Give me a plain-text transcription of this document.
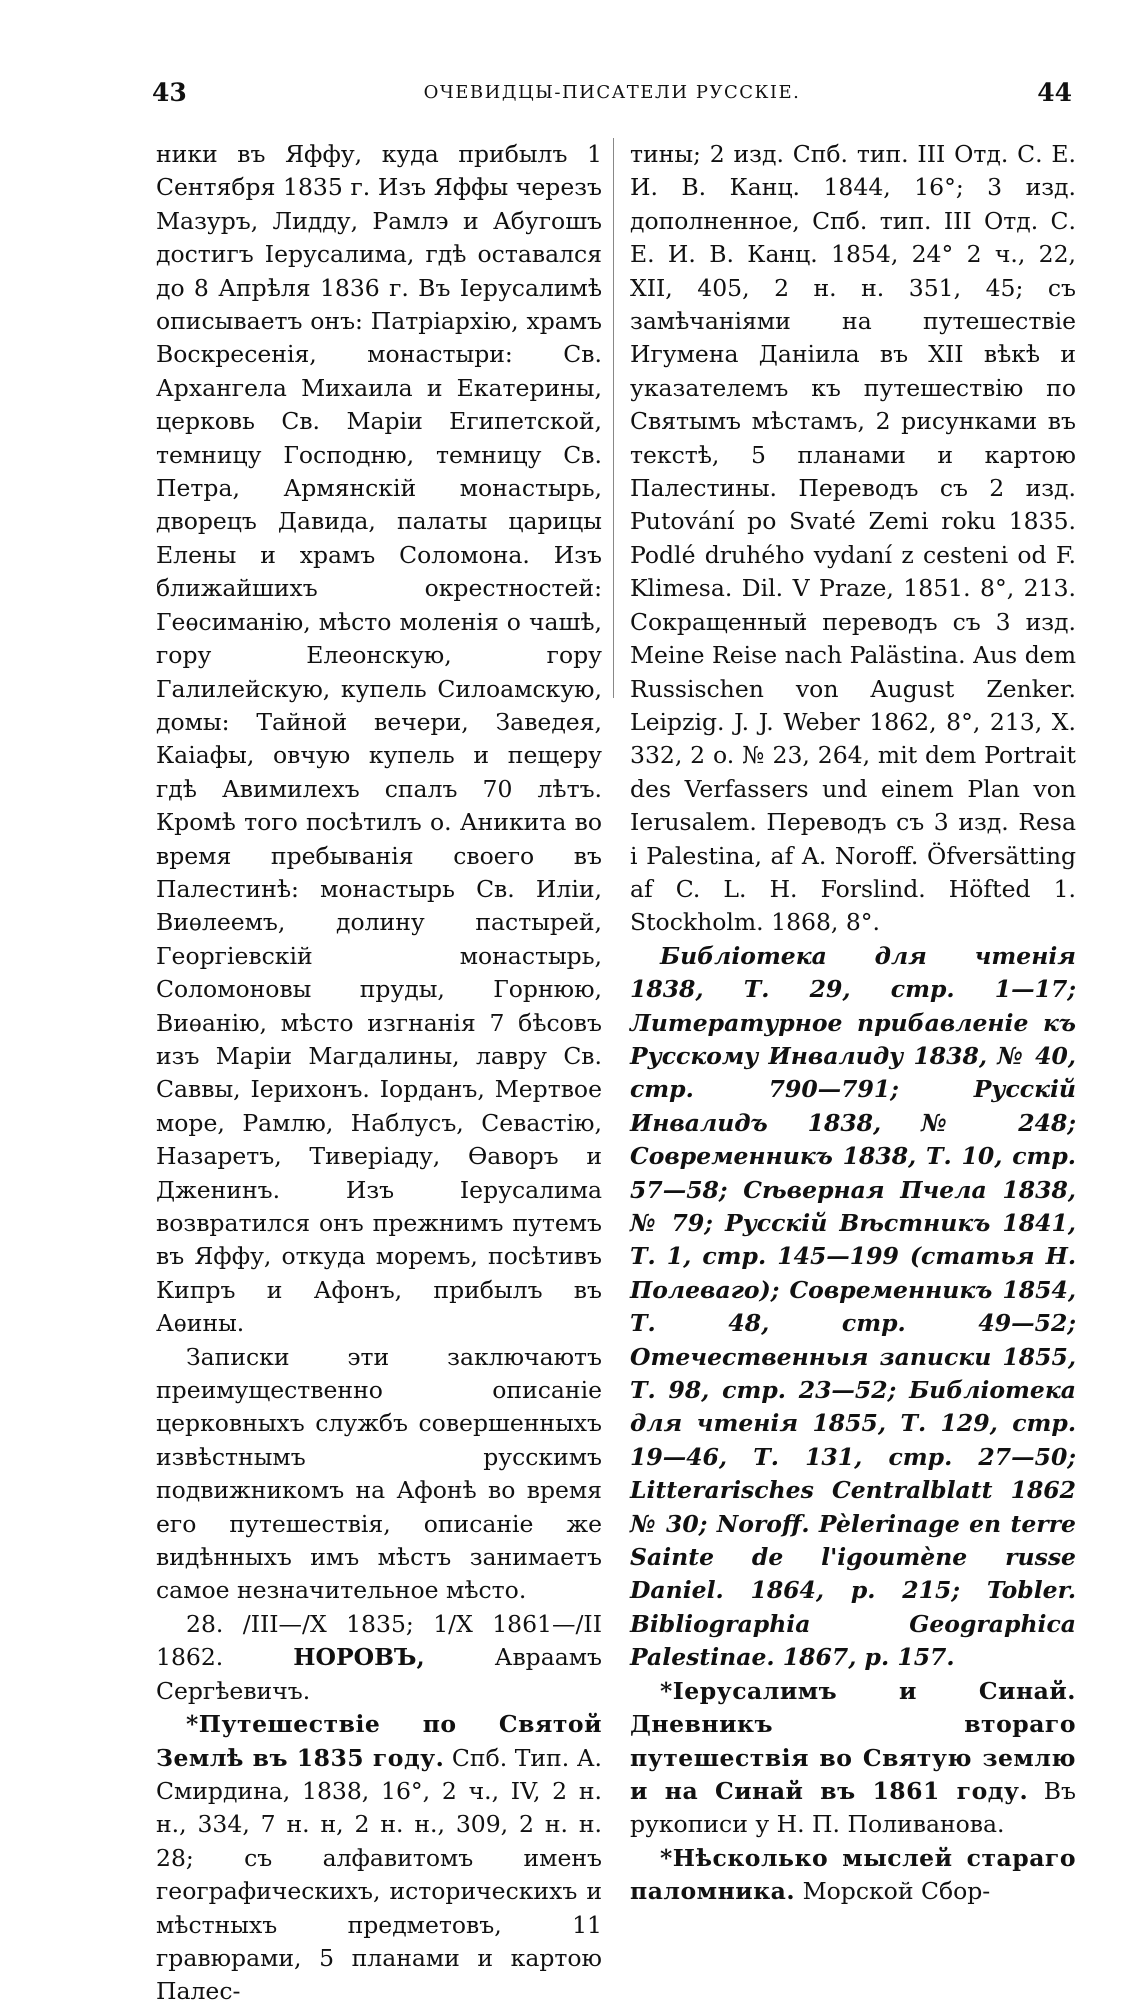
43	ОЧЕВИДЦЫ-ПИСАТЕЛИ РУССКІЕ.	44

ники въ Яффу, куда прибылъ 1 Сентября 1835 г. Изъ Яффы черезъ Мазуръ, Лидду, Рамлэ и Абугошъ достигъ Іерусалима, гдѣ оставался до 8 Апрѣля 1836 г. Въ Іерусалимѣ описываетъ онъ: Патріархію, храмъ Воскресенія, монастыри: Св. Архангела Михаила и Екатерины, церковь Св. Маріи Египетской, темницу Господню, темницу Св. Петра, Армянскій монастырь, дворецъ Давида, палаты царицы Елены и храмъ Соломона. Изъ ближайшихъ окрестностей: Геѳсиманію, мѣсто моленія о чашѣ, гору Елеонскую, гору Галилейскую, купель Силоамскую, домы: Тайной вечери, Заведея, Каіафы, овчую купель и пещеру гдѣ Авимилехъ спалъ 70 лѣтъ. Кромѣ того посѣтилъ о. Аникита во время пребыванія своего въ Палестинѣ: монастырь Св. Иліи, Виѳлеемъ, долину пастырей, Георгіевскій монастырь, Соломоновы пруды, Горнюю, Виѳанію, мѣсто изгнанія 7 бѣсовъ изъ Маріи Магдалины, лавру Св. Саввы, Іерихонъ. Іорданъ, Мертвое море, Рамлю, Наблусъ, Севастію, Назаретъ, Тиверіаду, Ѳаворъ и Дженинъ. Изъ Іерусалима возвратился онъ прежнимъ путемъ въ Яффу, откуда моремъ, посѣтивъ Кипръ и Афонъ, прибылъ въ Аѳины.

Записки эти заключаютъ преимущественно описаніе церковныхъ службъ совершенныхъ извѣстнымъ русскимъ подвижникомъ на Афонѣ во время его путешествія, описаніе же видѣнныхъ имъ мѣстъ занимаетъ самое незначительное мѣсто.

28. /III—/X 1835; 1/X 1861—/II 1862.	НОРОВЪ,	Авраамъ Сергѣевичъ.

*Путешествіе по Святой Землѣ въ 1835 году. Спб. Тип. А. Смирдина, 1838, 16°, 2 ч., IV, 2 н. н., 334, 7 н. н, 2 н. н., 309, 2 н. н. 28; съ алфавитомъ именъ географическихъ, историческихъ и мѣстныхъ предметовъ, 11 гравюрами, 5 планами и картою Палес-

тины; 2 изд. Спб. тип. III Отд. С. Е. И. В. Канц. 1844, 16°; 3 изд. дополненное, Спб. тип. III Отд. С. Е. И. В. Канц. 1854, 24° 2 ч., 22, XII, 405, 2 н. н. 351, 45; съ замѣчаніями на путешествіе Игумена Даніила въ XII вѣкѣ и указателемъ къ путешествію по Святымъ мѣстамъ, 2 рисунками въ текстѣ, 5 планами и картою Палестины. Переводъ съ 2 изд. Putování po Svaté Zemi roku 1835. Podlé druhého vydaní z cesteni od F. Klimesa. Dil. V Praze, 1851. 8°, 213. Сокращенный переводъ съ 3 изд. Meine Reise nach Palästina. Aus dem Russischen von August Zenker. Leipzig. J. J. Weber 1862, 8°, 213, X. 332, 2 o. № 23, 264, mit dem Portrait des Verfassers und einem Plan von Ierusalem. Переводъ съ 3 изд. Resa i Palestina, af A. Noroff. Öfversätting af C. L. H. Forslind. Höfted 1. Stockholm. 1868, 8°.

Библіотека для чтенія 1838, Т. 29, стр. 1—17; Литературное прибавленіе къ Русскому Инвалиду 1838, № 40, стр. 790—791; Русскій Инвалидъ 1838, № 248; Современникъ 1838, Т. 10, стр. 57—58; Сѣверная Пчела 1838, № 79; Русскій Вѣстникъ 1841, Т. 1, стр. 145—199 (статья Н. Полеваго); Современникъ 1854, Т. 48, стр. 49—52; Отечественныя записки 1855, Т. 98, стр. 23—52; Библіотека для чтенія 1855, Т. 129, стр. 19—46, Т. 131, стр. 27—50; Litterarisches Centralblatt 1862 № 30; Noroff. Pèlerinage en terre Sainte de l'igoumène russe Daniel. 1864, p. 215; Tobler. Bibliographia Geographica Palestinae. 1867, p. 157.

*Іерусалимъ и Синай. Дневникъ втораго путешествія во Святую землю и на Синай въ 1861 году. Въ рукописи у Н. П. Поливанова.

*Нѣсколько мыслей стараго паломника. Морской Сбор-
